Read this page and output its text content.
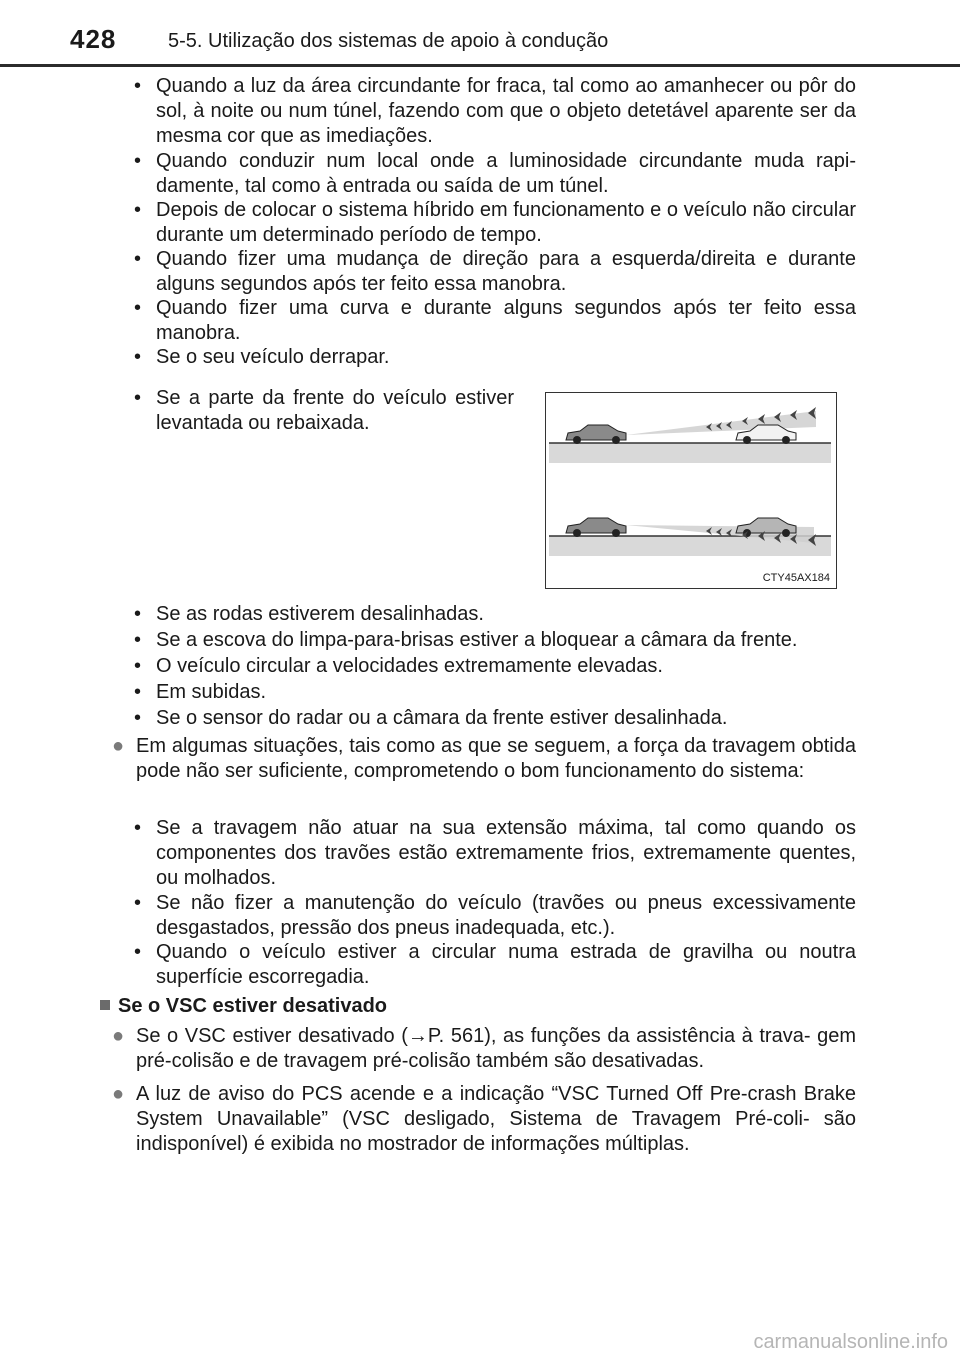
428	5-5. Utilização dos sistemas de apoio à condução
• Quando a luz da área circundante for fraca, tal como ao amanhecer ou pôr do sol, à noite ou num túnel, fazendo com que o objeto detetável aparente ser da mesma cor que as imediações.
• Quando conduzir num local onde a luminosidade circundante muda rapi- damente, tal como à entrada ou saída de um túnel.
• Depois de colocar o sistema híbrido em funcionamento e o veículo não circular durante um determinado período de tempo.
• Quando fizer uma mudança de direção para a esquerda/direita e durante alguns segundos após ter feito essa manobra.
• Quando fizer uma curva e durante alguns segundos após ter feito essa manobra.
• Se o seu veículo derrapar.
• Se a parte da frente do veículo estiver levantada ou rebaixada.
CTY45AX184
• Se as rodas estiverem desalinhadas.
• Se a escova do limpa-para-brisas estiver a bloquear a câmara da frente.
• O veículo circular a velocidades extremamente elevadas.
• Em subidas.
• Se o sensor do radar ou a câmara da frente estiver desalinhada.
● Em algumas situações, tais como as que se seguem, a força da travagem obtida pode não ser suficiente, comprometendo o bom funcionamento do sistema:
• Se a travagem não atuar na sua extensão máxima, tal como quando os componentes dos travões estão extremamente frios, extremamente quentes, ou molhados.
• Se não fizer a manutenção do veículo (travões ou pneus excessivamente desgastados, pressão dos pneus inadequada, etc.).
• Quando o veículo estiver a circular numa estrada de gravilha ou noutra superfície escorregadia.
Se o VSC estiver desativado
● Se o VSC estiver desativado (→P. 561), as funções da assistência à trava- gem pré-colisão e de travagem pré-colisão também são desativadas.
● A luz de aviso do PCS acende e a indicação “VSC Turned Off Pre-crash Brake System Unavailable” (VSC desligado, Sistema de Travagem Pré-coli- são indisponível) é exibida no mostrador de informações múltiplas.
carmanualsonline.info
